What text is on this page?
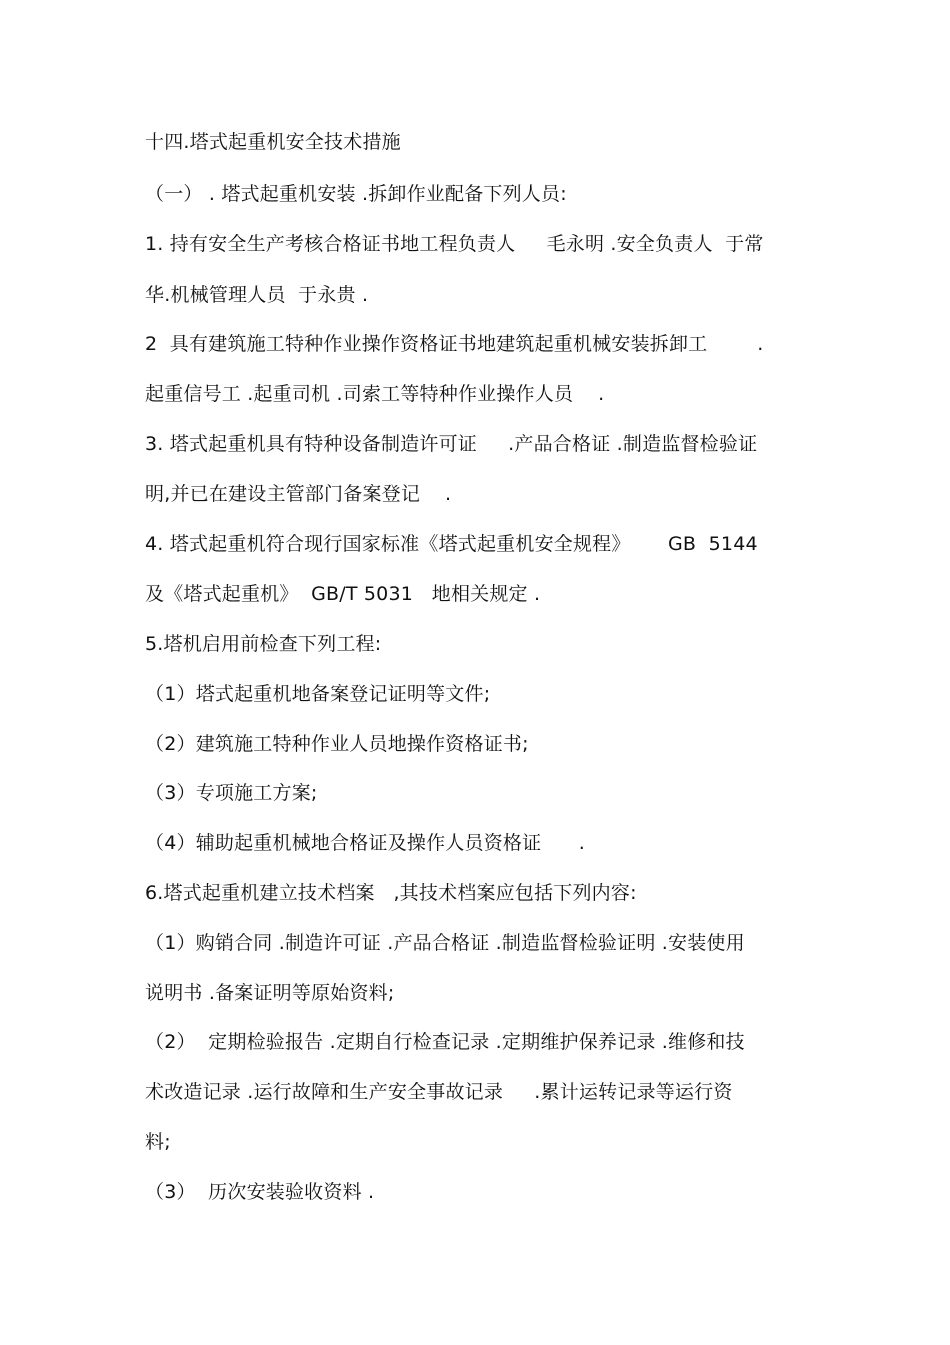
十四.塔式起重机安全技术措施
（一） . 塔式起重机安装 .拆卸作业配备下列人员:
1. 持有安全生产考核合格证书地工程负责人     毛永明 .安全负责人  于常
华.机械管理人员  于永贵 .
2  具有建筑施工特种作业操作资格证书地建筑起重机械安装拆卸工        .
起重信号工 .起重司机 .司索工等特种作业操作人员    .
3. 塔式起重机具有特种设备制造许可证     .产品合格证 .制造监督检验证
明,并已在建设主管部门备案登记    .
4. 塔式起重机符合现行国家标准《塔式起重机安全规程》      GB  5144
及《塔式起重机》  GB/T 5031   地相关规定 .
5.塔机启用前检查下列工程:
（1）塔式起重机地备案登记证明等文件;
（2）建筑施工特种作业人员地操作资格证书;
（3）专项施工方案;
（4）辅助起重机械地合格证及操作人员资格证      .
6.塔式起重机建立技术档案   ,其技术档案应包括下列内容:
（1）购销合同 .制造许可证 .产品合格证 .制造监督检验证明 .安装使用
说明书 .备案证明等原始资料;
（2）  定期检验报告 .定期自行检查记录 .定期维护保养记录 .维修和技
术改造记录 .运行故障和生产安全事故记录     .累计运转记录等运行资
料;
（3）  历次安装验收资料 .
